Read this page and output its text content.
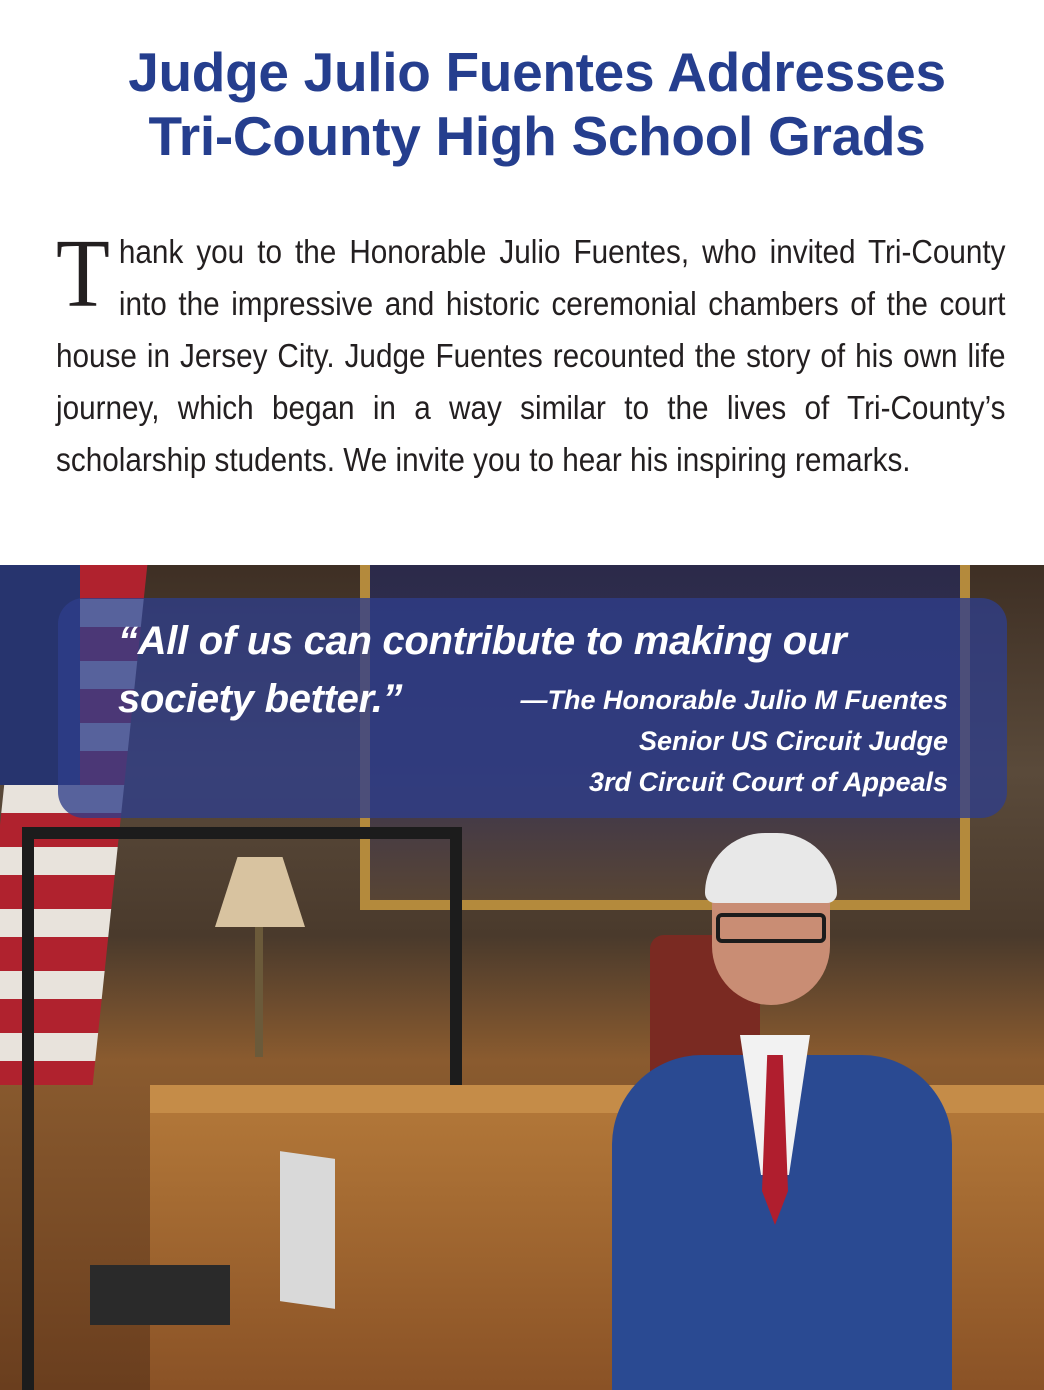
Judge Julio Fuentes Addresses
Tri-County High School Grads
T hank you to the Honorable Julio Fuentes, who invited Tri-County into the impressive and historic ceremonial chambers of the court house in Jersey City. Judge Fuentes recounted the story of his own life journey, which began in a way similar to the lives of Tri-County’s scholarship students. We invite you to hear his inspiring remarks.
“All of us can contribute to making our
society better.”	—The Honorable Julio M Fuentes
Senior US Circuit Judge
3rd Circuit Court of Appeals
